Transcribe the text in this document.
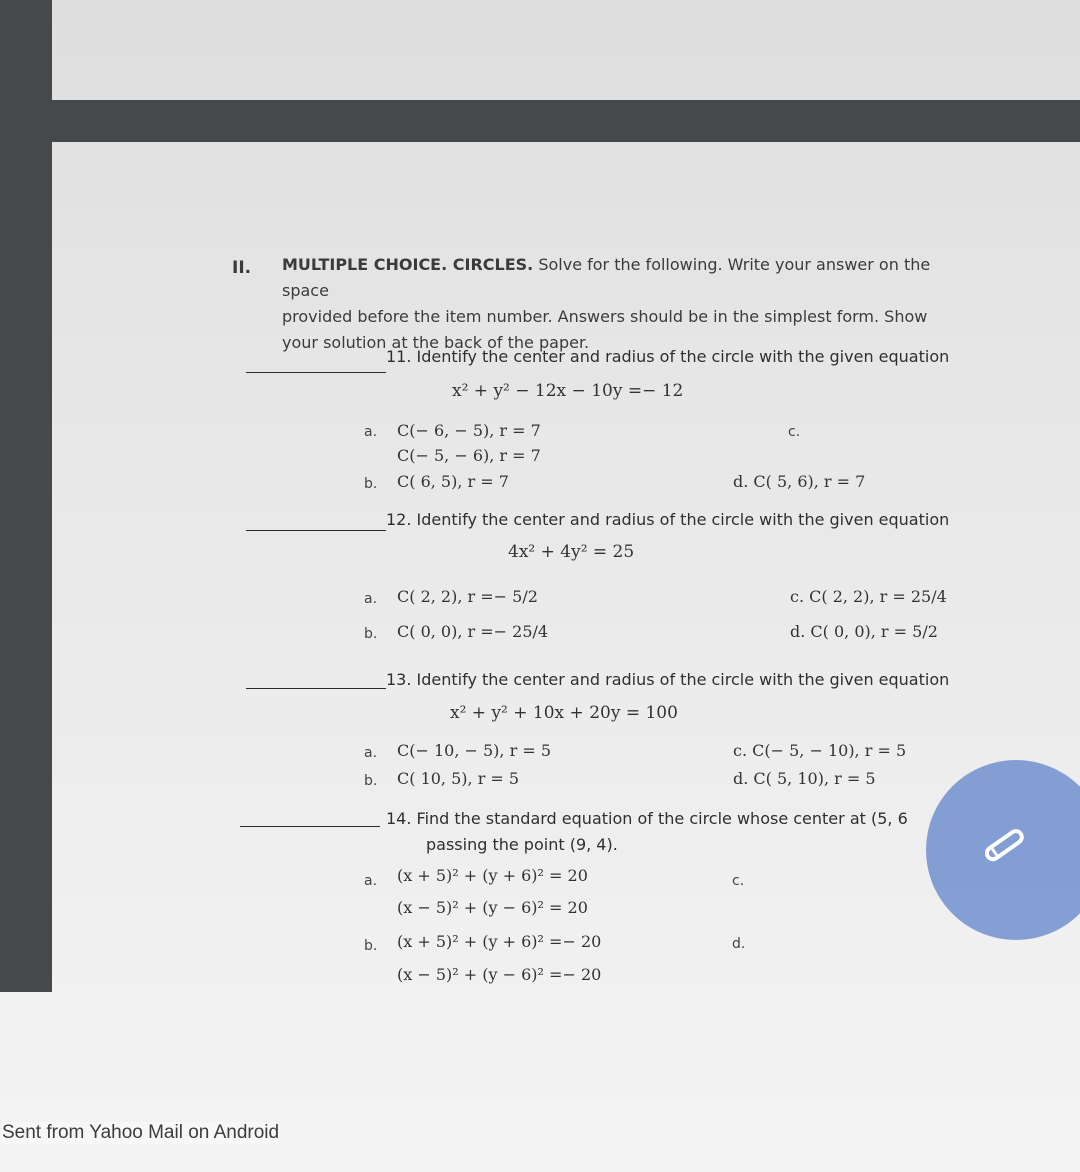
II. MULTIPLE CHOICE. CIRCLES. Solve for the following. Write your answer on the space
provided before the item number. Answers should be in the simplest form. Show
your solution at the back of the paper.
11. Identify the center and radius of the circle with the given equation
x² + y² − 12x − 10y =− 12
a. C(− 6, − 5), r = 7
C(− 5, − 6), r = 7
b. C( 6, 5), r = 7
c.
d. C( 5, 6), r = 7
12. Identify the center and radius of the circle with the given equation
4x² + 4y² = 25
a. C( 2, 2), r =− 5/2
b. C( 0, 0), r =− 25/4
c. C( 2, 2), r = 25/4
d. C( 0, 0), r = 5/2
13. Identify the center and radius of the circle with the given equation
x² + y² + 10x + 20y = 100
a. C(− 10, − 5), r = 5
b. C( 10, 5), r = 5
c. C(− 5, − 10), r = 5
d. C( 5, 10), r = 5
14. Find the standard equation of the circle whose center at (5, 6
passing the point (9, 4).
a. (x + 5)² + (y + 6)² = 20
(x − 5)² + (y − 6)² = 20
b. (x + 5)² + (y + 6)² =− 20
(x − 5)² + (y − 6)² =− 20
c.
d.
Sent from Yahoo Mail on Android
